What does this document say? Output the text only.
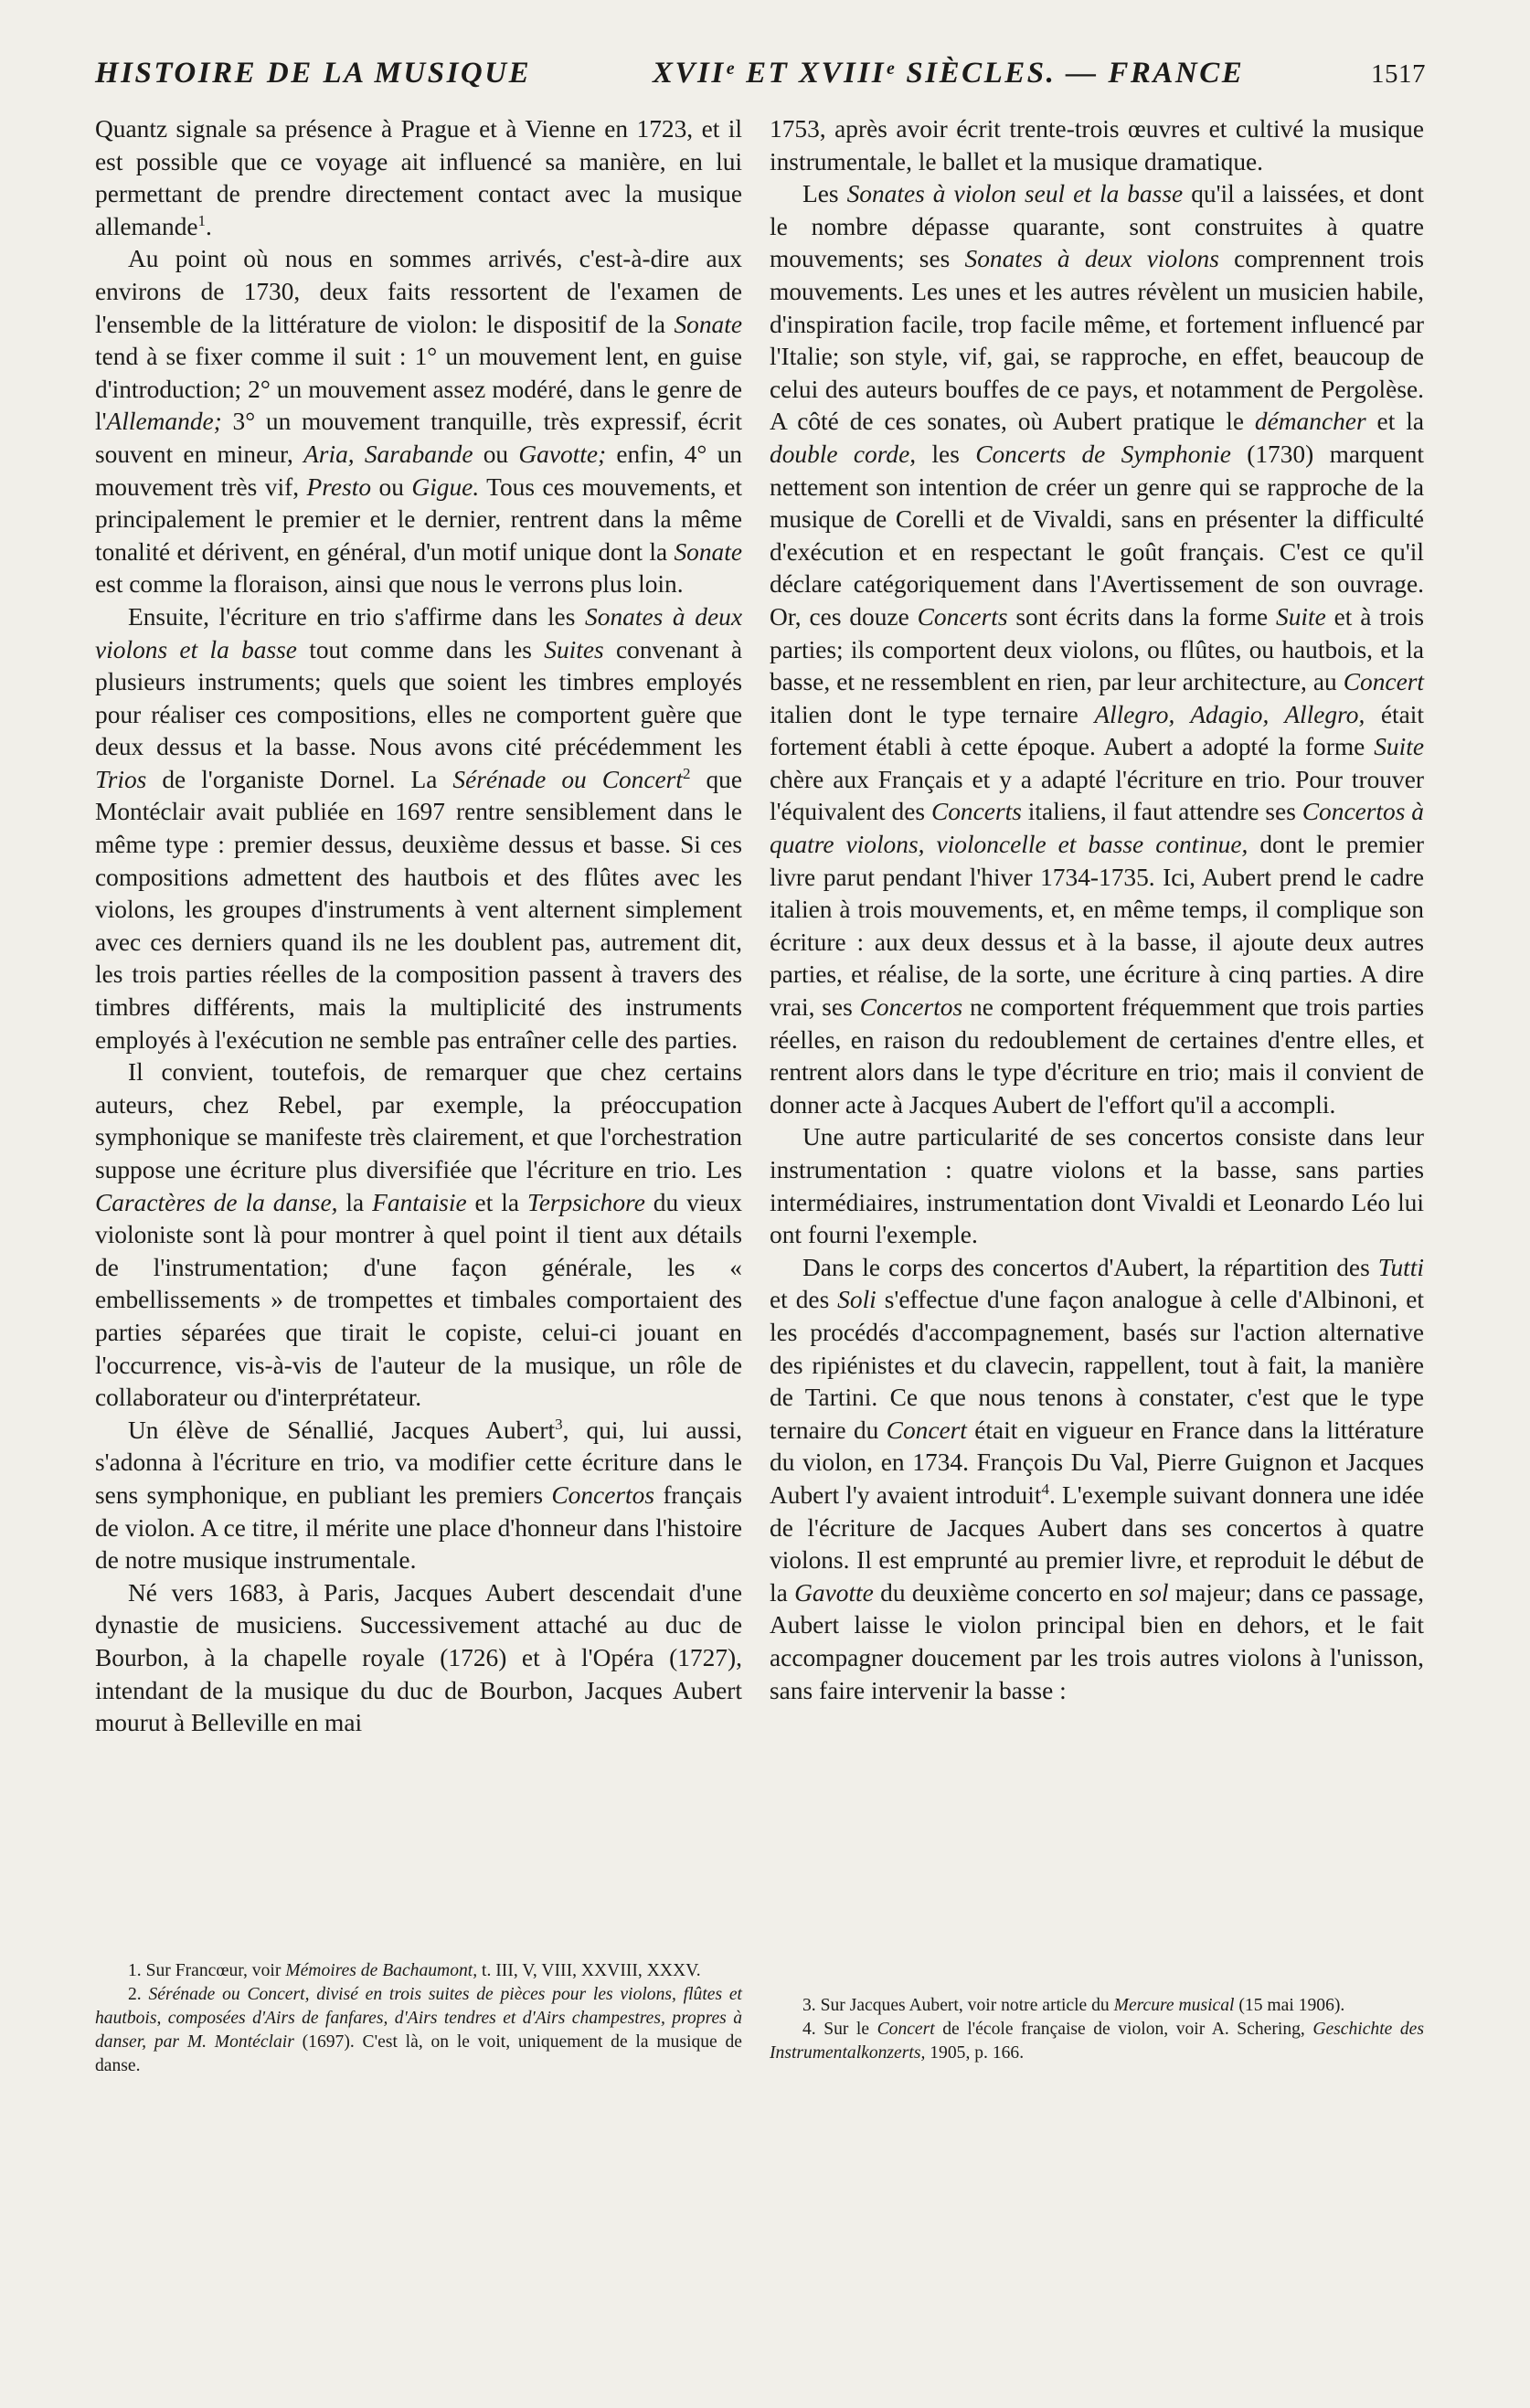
HISTOIRE DE LA MUSIQUE	XVIIᵉ ET XVIIIᵉ SIÈCLES. — FRANCE	1517

Quantz signale sa présence à Prague et à Vienne en 1723, et il est possible que ce voyage ait influencé sa manière, en lui permettant de prendre directement contact avec la musique allemande$^1$.

Au point où nous en sommes arrivés, c'est-à-dire aux environs de 1730, deux faits ressortent de l'examen de l'ensemble de la littérature de violon: le dispositif de la Sonate tend à se fixer comme il suit : 1° un mouvement lent, en guise d'introduction; 2° un mouvement assez modéré, dans le genre de l'Allemande; 3° un mouvement tranquille, très expressif, écrit souvent en mineur, Aria, Sarabande ou Gavotte; enfin, 4° un mouvement très vif, Presto ou Gigue. Tous ces mouvements, et principalement le premier et le dernier, rentrent dans la même tonalité et dérivent, en général, d'un motif unique dont la Sonate est comme la floraison, ainsi que nous le verrons plus loin.

Ensuite, l'écriture en trio s'affirme dans les Sonates à deux violons et la basse tout comme dans les Suites convenant à plusieurs instruments; quels que soient les timbres employés pour réaliser ces compositions, elles ne comportent guère que deux dessus et la basse. Nous avons cité précédemment les Trios de l'organiste Dornel. La Sérénade ou Concert$^2$ que Montéclair avait publiée en 1697 rentre sensiblement dans le même type : premier dessus, deuxième dessus et basse. Si ces compositions admettent des hautbois et des flûtes avec les violons, les groupes d'instruments à vent alternent simplement avec ces derniers quand ils ne les doublent pas, autrement dit, les trois parties réelles de la composition passent à travers des timbres différents, mais la multiplicité des instruments employés à l'exécution ne semble pas entraîner celle des parties.

Il convient, toutefois, de remarquer que chez certains auteurs, chez Rebel, par exemple, la préoccupation symphonique se manifeste très clairement, et que l'orchestration suppose une écriture plus diversifiée que l'écriture en trio. Les Caractères de la danse, la Fantaisie et la Terpsichore du vieux violoniste sont là pour montrer à quel point il tient aux détails de l'instrumentation; d'une façon générale, les « embellissements » de trompettes et timbales comportaient des parties séparées que tirait le copiste, celui-ci jouant en l'occurrence, vis-à-vis de l'auteur de la musique, un rôle de collaborateur ou d'interprétateur.

Un élève de Sénallié, Jacques Aubert$^3$, qui, lui aussi, s'adonna à l'écriture en trio, va modifier cette écriture dans le sens symphonique, en publiant les premiers Concertos français de violon. A ce titre, il mérite une place d'honneur dans l'histoire de notre musique instrumentale.

Né vers 1683, à Paris, Jacques Aubert descendait d'une dynastie de musiciens. Successivement attaché au duc de Bourbon, à la chapelle royale (1726) et à l'Opéra (1727), intendant de la musique du duc de Bourbon, Jacques Aubert mourut à Belleville en mai

1753, après avoir écrit trente-trois œuvres et cultivé la musique instrumentale, le ballet et la musique dramatique.

Les Sonates à violon seul et la basse qu'il a laissées, et dont le nombre dépasse quarante, sont construites à quatre mouvements; ses Sonates à deux violons comprennent trois mouvements. Les unes et les autres révèlent un musicien habile, d'inspiration facile, trop facile même, et fortement influencé par l'Italie; son style, vif, gai, se rapproche, en effet, beaucoup de celui des auteurs bouffes de ce pays, et notamment de Pergolèse. A côté de ces sonates, où Aubert pratique le démancher et la double corde, les Concerts de Symphonie (1730) marquent nettement son intention de créer un genre qui se rapproche de la musique de Corelli et de Vivaldi, sans en présenter la difficulté d'exécution et en respectant le goût français. C'est ce qu'il déclare catégoriquement dans l'Avertissement de son ouvrage. Or, ces douze Concerts sont écrits dans la forme Suite et à trois parties; ils comportent deux violons, ou flûtes, ou hautbois, et la basse, et ne ressemblent en rien, par leur architecture, au Concert italien dont le type ternaire Allegro, Adagio, Allegro, était fortement établi à cette époque. Aubert a adopté la forme Suite chère aux Français et y a adapté l'écriture en trio. Pour trouver l'équivalent des Concerts italiens, il faut attendre ses Concertos à quatre violons, violoncelle et basse continue, dont le premier livre parut pendant l'hiver 1734-1735. Ici, Aubert prend le cadre italien à trois mouvements, et, en même temps, il complique son écriture : aux deux dessus et à la basse, il ajoute deux autres parties, et réalise, de la sorte, une écriture à cinq parties. A dire vrai, ses Concertos ne comportent fréquemment que trois parties réelles, en raison du redoublement de certaines d'entre elles, et rentrent alors dans le type d'écriture en trio; mais il convient de donner acte à Jacques Aubert de l'effort qu'il a accompli.

Une autre particularité de ses concertos consiste dans leur instrumentation : quatre violons et la basse, sans parties intermédiaires, instrumentation dont Vivaldi et Leonardo Léo lui ont fourni l'exemple.

Dans le corps des concertos d'Aubert, la répartition des Tutti et des Soli s'effectue d'une façon analogue à celle d'Albinoni, et les procédés d'accompagnement, basés sur l'action alternative des ripiénistes et du clavecin, rappellent, tout à fait, la manière de Tartini. Ce que nous tenons à constater, c'est que le type ternaire du Concert était en vigueur en France dans la littérature du violon, en 1734. François Du Val, Pierre Guignon et Jacques Aubert l'y avaient introduit$^4$. L'exemple suivant donnera une idée de l'écriture de Jacques Aubert dans ses concertos à quatre violons. Il est emprunté au premier livre, et reproduit le début de la Gavotte du deuxième concerto en sol majeur; dans ce passage, Aubert laisse le violon principal bien en dehors, et le fait accompagner doucement par les trois autres violons à l'unisson, sans faire intervenir la basse :

1. Sur Francœur, voir Mémoires de Bachaumont, t. III, V, VIII, XXVIII, XXXV.

2. Sérénade ou Concert, divisé en trois suites de pièces pour les violons, flûtes et hautbois, composées d'Airs de fanfares, d'Airs tendres et d'Airs champestres, propres à danser, par M. Montéclair (1697). C'est là, on le voit, uniquement de la musique de danse.

3. Sur Jacques Aubert, voir notre article du Mercure musical (15 mai 1906).

4. Sur le Concert de l'école française de violon, voir A. Schering, Geschichte des Instrumentalkonzerts, 1905, p. 166.
